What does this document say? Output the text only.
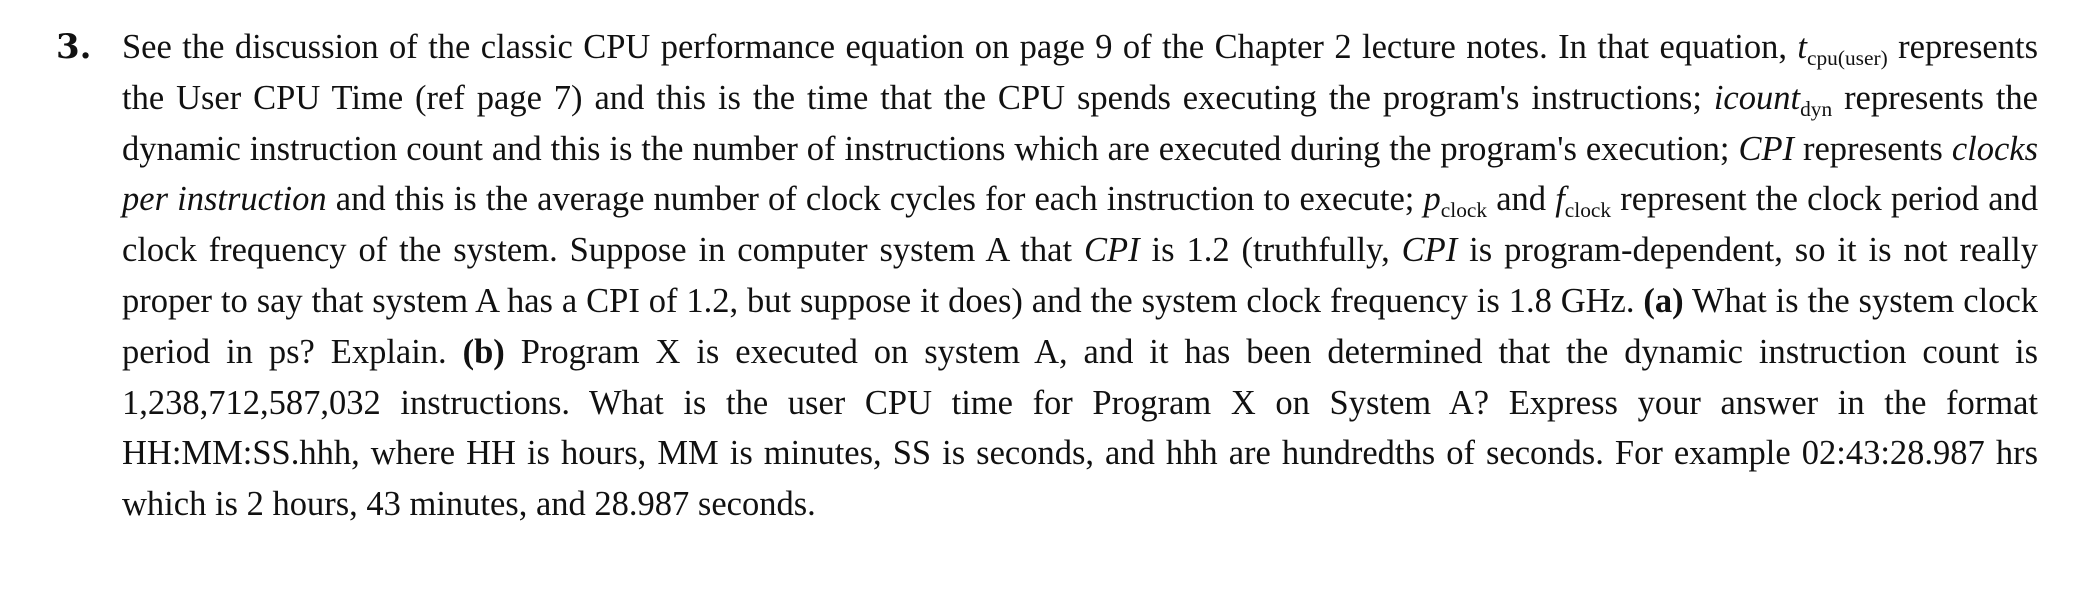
3. See the discussion of the classic CPU performance equation on page 9 of the Chapter 2 lecture notes. In that equation, $t_{cpu(user)}$ represents the User CPU Time (ref page 7) and this is the time that the CPU spends executing the program's instructions; icount$_{dyn}$ represents the dynamic instruction count and this is the number of instructions which are executed during the program's execution; CPI represents clocks per instruction and this is the average number of clock cycles for each instruction to execute; $p_{clock}$ and $f_{clock}$ represent the clock period and clock frequency of the system. Suppose in computer system A that CPI is 1.2 (truthfully, CPI is program-dependent, so it is not really proper to say that system A has a CPI of 1.2, but suppose it does) and the system clock frequency is 1.8 GHz. (a) What is the system clock period in ps? Explain. (b) Program X is executed on system A, and it has been determined that the dynamic instruction count is 1,238,712,587,032 instructions. What is the user CPU time for Program X on System A? Express your answer in the format HH:MM:SS.hhh, where HH is hours, MM is minutes, SS is seconds, and hhh are hundredths of seconds. For example 02:43:28.987 hrs which is 2 hours, 43 minutes, and 28.987 seconds.
